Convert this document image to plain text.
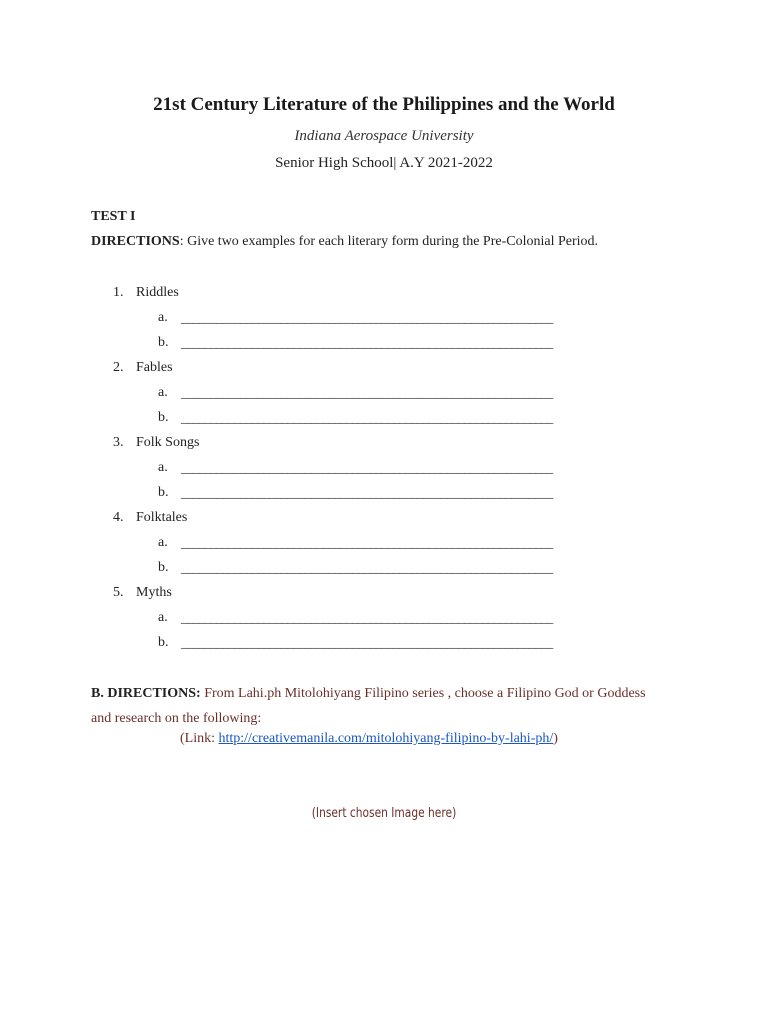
21st Century Literature of the Philippines and the World
Indiana Aerospace University
Senior High School| A.Y 2021-2022
TEST I
DIRECTIONS: Give two examples for each literary form during the Pre-Colonial Period.
1. Riddles
a.	_______________________________________________________________
b. _______________________________________________________________
2. Fables
a.	_______________________________________________________________
b. _______________________________________________________________
3. Folk Songs
a.	_______________________________________________________________
b. _______________________________________________________________
4. Folktales
a.	_______________________________________________________________
b. _______________________________________________________________
5. Myths
a.	_______________________________________________________________
b. _______________________________________________________________
B. DIRECTIONS: From Lahi.ph Mitolohiyang Filipino series , choose a Filipino God or Goddess and research on the following:
(Link: http://creativemanila.com/mitolohiyang-filipino-by-lahi-ph/)
(Insert chosen Image here)
